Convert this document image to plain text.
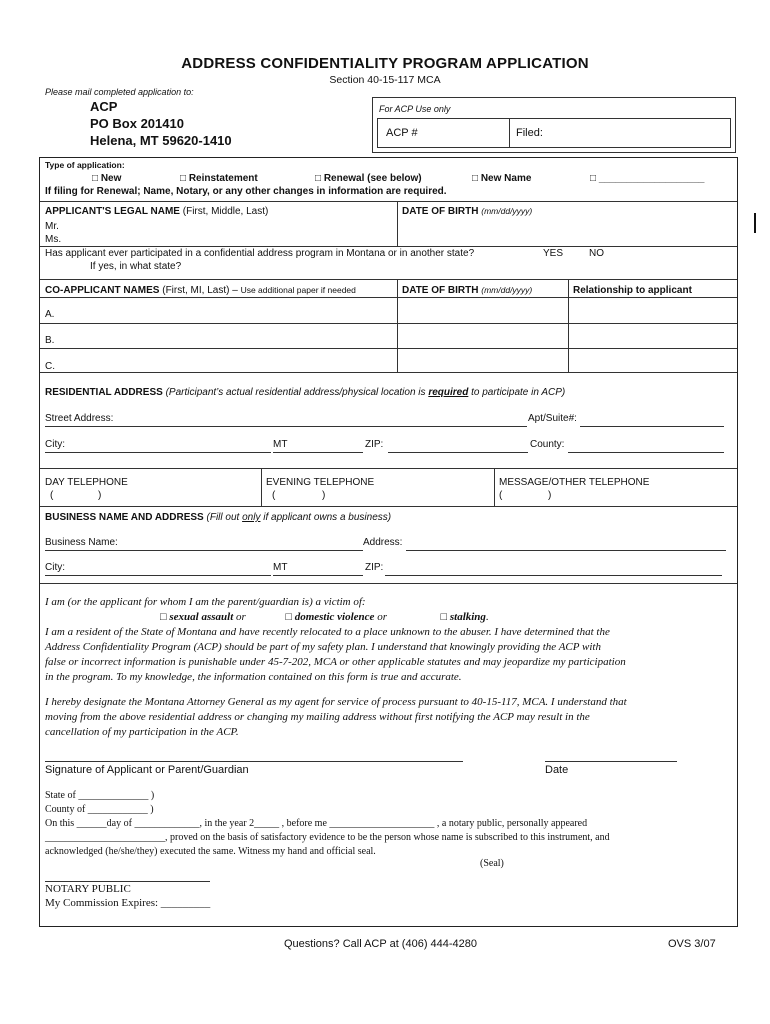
ADDRESS CONFIDENTIALITY PROGRAM APPLICATION
Section 40-15-117 MCA
Please mail completed application to:
ACP
PO Box 201410
Helena, MT 59620-1410
For ACP Use only
ACP #	Filed:
Type of application:
□ New	□ Reinstatement	□ Renewal (see below)	□ New Name	□ ___________________
If filing for Renewal; Name, Notary, or any other changes in information are required.
APPLICANT'S LEGAL NAME (First, Middle, Last)	DATE OF BIRTH (mm/dd/yyyy)
Mr.
Ms.
Has applicant ever participated in a confidential address program in Montana or in another state?	YES	NO
If yes, in what state?
CO-APPLICANT NAMES (First, MI, Last) – Use additional paper if needed	DATE OF BIRTH (mm/dd/yyyy)	Relationship to applicant
A.
B.
C.
RESIDENTIAL ADDRESS (Participant’s actual residential address/physical location is required to participate in ACP)
Street Address:	Apt/Suite#:
City:	MT	ZIP:	County:
DAY TELEPHONE	EVENING TELEPHONE	MESSAGE/OTHER TELEPHONE
(	)	(	)	(	)
BUSINESS NAME AND ADDRESS (Fill out only if applicant owns a business)
Business Name:	Address:
City:	MT	ZIP:
I am (or the applicant for whom I am the parent/guardian is) a victim of:
□ sexual assault or	□ domestic violence or	□ stalking.
I am a resident of the State of Montana and have recently relocated to a place unknown to the abuser. I have determined that the
Address Confidentiality Program (ACP) should be part of my safety plan. I understand that knowingly providing the ACP with
false or incorrect information is punishable under 45-7-202, MCA or other applicable statutes and may jeopardize my participation
in the program. To my knowledge, the information contained on this form is true and accurate.
I hereby designate the Montana Attorney General as my agent for service of process pursuant to 40-15-117, MCA. I understand that
moving from the above residential address or changing my mailing address without first notifying the ACP may result in the
cancellation of my participation in the ACP.
Signature of Applicant or Parent/Guardian	Date
State of ______________ )
County of ____________ )
On this ______day of _____________, in the year 2_____ , before me _____________________ , a notary public, personally appeared
________________________, proved on the basis of satisfactory evidence to be the person whose name is subscribed to this instrument, and
acknowledged (he/she/they) executed the same. Witness my hand and official seal.
(Seal)
NOTARY PUBLIC
My Commission Expires: _________
Questions? Call ACP at (406) 444-4280	OVS 3/07
